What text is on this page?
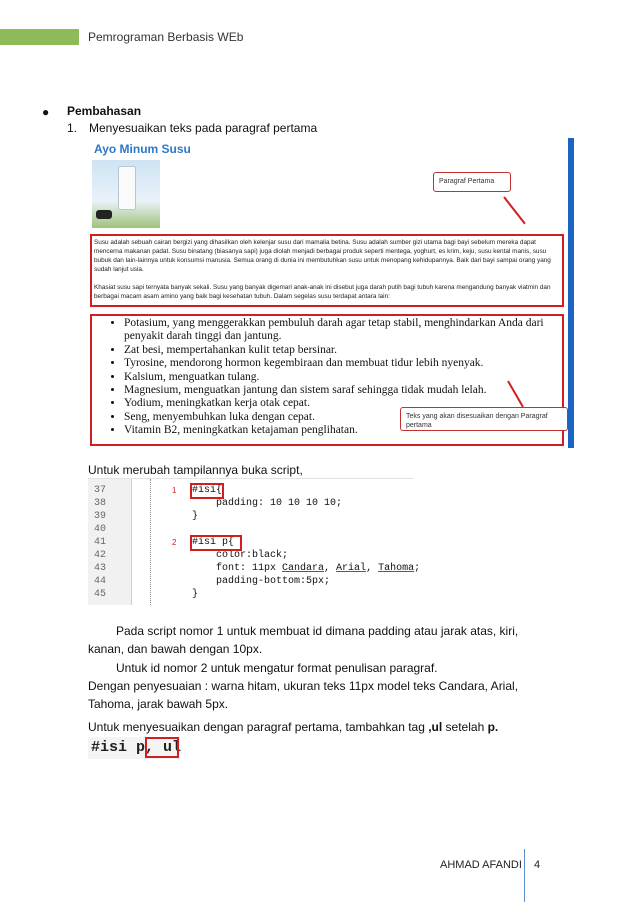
Pemrograman Berbasis WEb
● Pembahasan
1. Menyesuaikan teks pada paragraf pertama
Ayo Minum Susu
Paragraf Pertama
Susu adalah sebuah cairan bergizi yang dihasilkan oleh kelenjar susu dari mamalia betina. Susu adalah sumber gizi utama bagi bayi sebelum mereka dapat mencerna makanan padat. Susu binatang (biasanya sapi) juga diolah menjadi berbagai produk seperti mentega, yoghurt, es krim, keju, susu kental manis, susu bubuk dan lain-lainnya untuk konsumsi manusia. Semua orang di dunia ini membutuhkan susu untuk menopang kehidupannya. Baik dari bayi sampai orang yang sudah lanjut usia.
Khasiat susu sapi ternyata banyak sekali. Susu yang banyak digemari anak-anak ini disebut juga darah putih bagi tubuh karena mengandung banyak viatmin dan berbagai macam asam amino yang baik bagi kesehatan tubuh. Dalam segelas susu terdapat antara lain:
• Potasium, yang menggerakkan pembuluh darah agar tetap stabil, menghindarkan Anda dari penyakit darah tinggi dan jantung.
• Zat besi, mempertahankan kulit tetap bersinar.
• Tyrosine, mendorong hormon kegembiraan dan membuat tidur lebih nyenyak.
• Kalsium, menguatkan tulang.
• Magnesium, menguatkan jantung dan sistem saraf sehingga tidak mudah lelah.
• Yodium, meningkatkan kerja otak cepat.
• Seng, menyembuhkan luka dengan cepat.
• Vitamin B2, meningkatkan ketajaman penglihatan.
Teks yang akan disesuaikan dengan Paragraf pertama
Untuk merubah tampilannya buka script,
37
38
39
40
41
42
43
44
45
1
2
#isi{
padding: 10 10 10 10;
}
#isi p{
color:black;
font: 11px Candara, Arial, Tahoma;
padding-bottom:5px;
}
Pada script nomor 1 untuk membuat id dimana padding atau jarak atas, kiri, kanan, dan bawah dengan 10px.
Untuk id nomor 2 untuk mengatur format penulisan paragraf.
Dengan penyesuaian : warna hitam, ukuran teks 11px model teks Candara, Arial, Tahoma, jarak bawah 5px.
Untuk menyesuaikan dengan paragraf pertama, tambahkan tag ,ul setelah p.
#isi p, ul
AHMAD AFANDI 4
